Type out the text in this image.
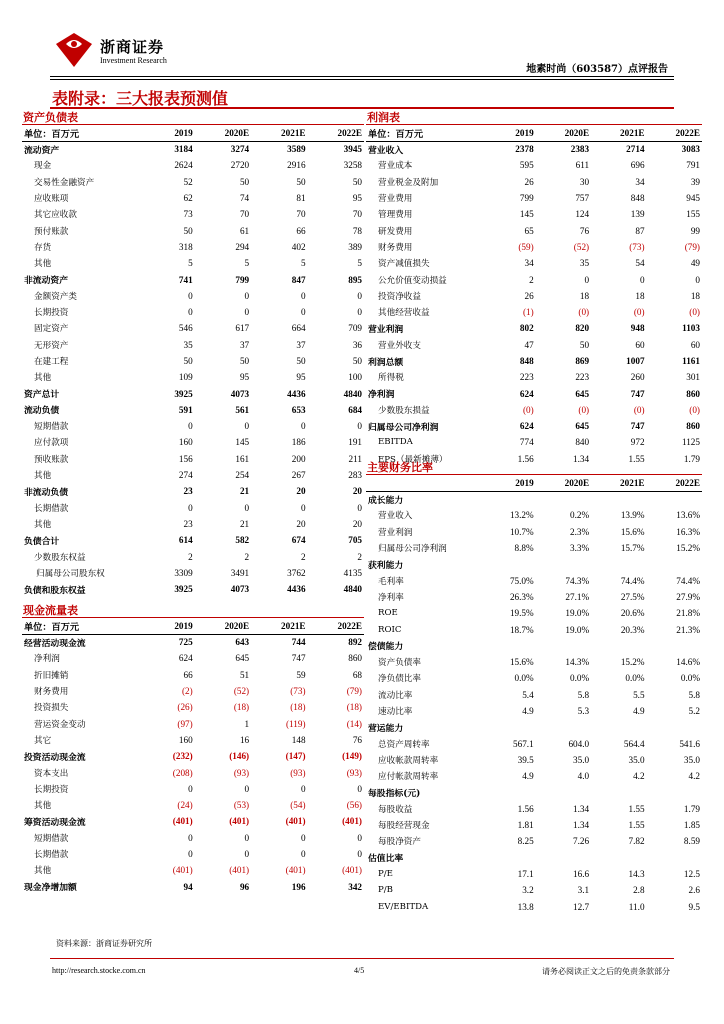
浙商证券
Investment Research
地素时尚（603587）点评报告
表附录：三大报表预测值
资产负债表
单位：百万元	2019	2020E	2021E	2022E
流动资产	3184	3274	3589	3945
现金	2624	2720	2916	3258
交易性金融资产	52	50	50	50
应收账项	62	74	81	95
其它应收款	73	70	70	70
预付账款	50	61	66	78
存货	318	294	402	389
其他	5	5	5	5
非流动资产	741	799	847	895
金额资产类	0	0	0	0
长期投资	0	0	0	0
固定资产	546	617	664	709
无形资产	35	37	37	36
在建工程	50	50	50	50
其他	109	95	95	100
资产总计	3925	4073	4436	4840
流动负债	591	561	653	684
短期借款	0	0	0	0
应付款项	160	145	186	191
预收账款	156	161	200	211
其他	274	254	267	283
非流动负债	23	21	20	20
长期借款	0	0	0	0
其他	23	21	20	20
负债合计	614	582	674	705
少数股东权益	2	2	2	2
归属母公司股东权	3309	3491	3762	4135
负债和股东权益	3925	4073	4436	4840
现金流量表
单位：百万元	2019	2020E	2021E	2022E
经营活动现金流	725	643	744	892
净利润	624	645	747	860
折旧摊销	66	51	59	68
财务费用	(2)	(52)	(73)	(79)
投资损失	(26)	(18)	(18)	(18)
营运资金变动	(97)	1	(119)	(14)
其它	160	16	148	76
投资活动现金流	(232)	(146)	(147)	(149)
资本支出	(208)	(93)	(93)	(93)
长期投资	0	0	0	0
其他	(24)	(53)	(54)	(56)
筹资活动现金流	(401)	(401)	(401)	(401)
短期借款	0	0	0	0
长期借款	0	0	0	0
其他	(401)	(401)	(401)	(401)
现金净增加额	94	96	196	342
利润表
单位：百万元	2019	2020E	2021E	2022E
营业收入	2378	2383	2714	3083
营业成本	595	611	696	791
营业税金及附加	26	30	34	39
营业费用	799	757	848	945
管理费用	145	124	139	155
研发费用	65	76	87	99
财务费用	(59)	(52)	(73)	(79)
资产减值损失	34	35	54	49
公允价值变动损益	2	0	0	0
投资净收益	26	18	18	18
其他经营收益	(1)	(0)	(0)	(0)
营业利润	802	820	948	1103
营业外收支	47	50	60	60
利润总额	848	869	1007	1161
所得税	223	223	260	301
净利润	624	645	747	860
少数股东损益	(0)	(0)	(0)	(0)
归属母公司净利润	624	645	747	860
EBITDA	774	840	972	1125
EPS（最新摊薄）	1.56	1.34	1.55	1.79
主要财务比率
	2019	2020E	2021E	2022E
成长能力				
营业收入	13.2%	0.2%	13.9%	13.6%
营业利润	10.7%	2.3%	15.6%	16.3%
归属母公司净利润	8.8%	3.3%	15.7%	15.2%
获利能力				
毛利率	75.0%	74.3%	74.4%	74.4%
净利率	26.3%	27.1%	27.5%	27.9%
ROE	19.5%	19.0%	20.6%	21.8%
ROIC	18.7%	19.0%	20.3%	21.3%
偿债能力				
资产负债率	15.6%	14.3%	15.2%	14.6%
净负债比率	0.0%	0.0%	0.0%	0.0%
流动比率	5.4	5.8	5.5	5.8
速动比率	4.9	5.3	4.9	5.2
营运能力				
总资产周转率	567.1	604.0	564.4	541.6
应收帐款周转率	39.5	35.0	35.0	35.0
应付帐款周转率	4.9	4.0	4.2	4.2
每股指标(元)				
每股收益	1.56	1.34	1.55	1.79
每股经营现金	1.81	1.34	1.55	1.85
每股净资产	8.25	7.26	7.82	8.59
估值比率				
P/E	17.1	16.6	14.3	12.5
P/B	3.2	3.1	2.8	2.6
EV/EBITDA	13.8	12.7	11.0	9.5
资料来源：浙商证券研究所
http://research.stocke.com.cn	4/5	请务必阅读正文之后的免责条款部分
